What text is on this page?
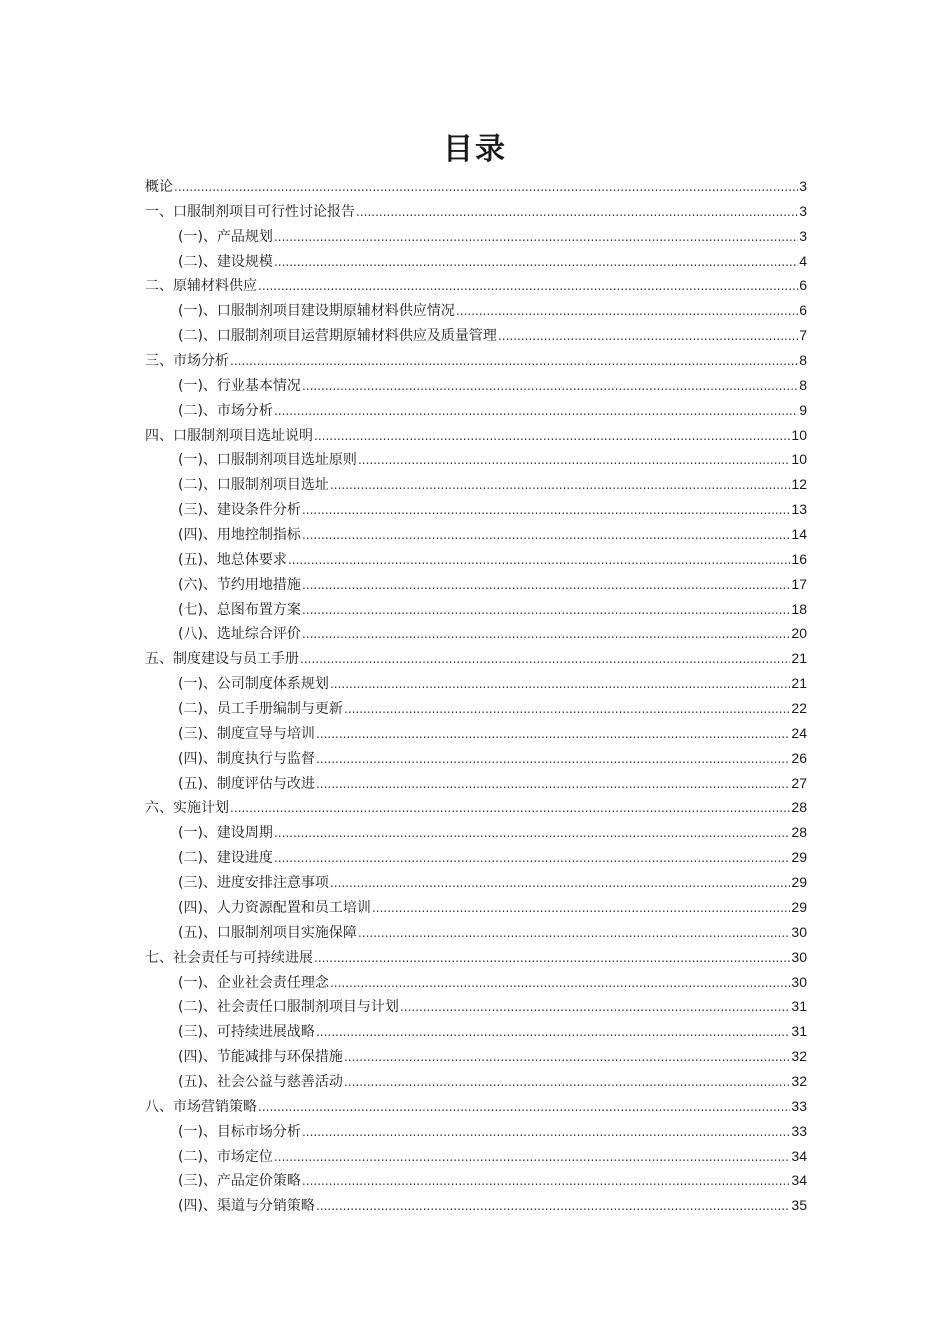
目录
概论 .....	3
一、口服制剂项目可行性讨论报告 .....	3
(一)、产品规划 .....	3
(二)、建设规模 .....	4
二、原辅材料供应 .....	6
(一)、口服制剂项目建设期原辅材料供应情况 .....	6
(二)、口服制剂项目运营期原辅材料供应及质量管理 .....	7
三、市场分析 .....	8
(一)、行业基本情况 .....	8
(二)、市场分析 .....	9
四、口服制剂项目选址说明 .....	10
(一)、口服制剂项目选址原则 .....	10
(二)、口服制剂项目选址 .....	12
(三)、建设条件分析 .....	13
(四)、用地控制指标 .....	14
(五)、地总体要求 .....	16
(六)、节约用地措施 .....	17
(七)、总图布置方案 .....	18
(八)、选址综合评价 .....	20
五、制度建设与员工手册 .....	21
(一)、公司制度体系规划 .....	21
(二)、员工手册编制与更新 .....	22
(三)、制度宣导与培训 .....	24
(四)、制度执行与监督 .....	26
(五)、制度评估与改进 .....	27
六、实施计划 .....	28
(一)、建设周期 .....	28
(二)、建设进度 .....	29
(三)、进度安排注意事项 .....	29
(四)、人力资源配置和员工培训 .....	29
(五)、口服制剂项目实施保障 .....	30
七、社会责任与可持续进展 .....	30
(一)、企业社会责任理念 .....	30
(二)、社会责任口服制剂项目与计划 .....	31
(三)、可持续进展战略 .....	31
(四)、节能减排与环保措施 .....	32
(五)、社会公益与慈善活动 .....	32
八、市场营销策略 .....	33
(一)、目标市场分析 .....	33
(二)、市场定位 .....	34
(三)、产品定价策略 .....	34
(四)、渠道与分销策略 .....	35
